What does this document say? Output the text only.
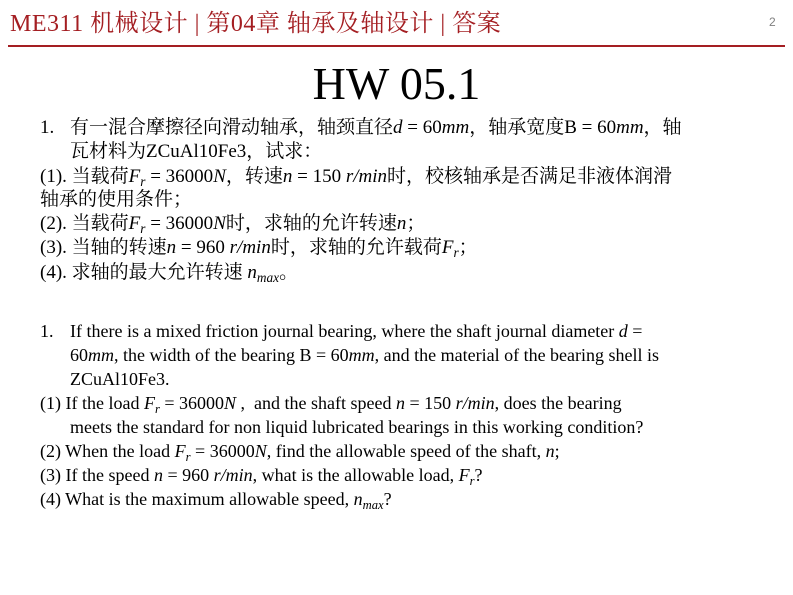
ME311 机械设计 | 第04章 轴承及轴设计 | 答案	2
HW 05.1
1. 有一混合摩擦径向滑动轴承，轴颈直径 d = 60 mm ，轴承宽度B = 60 mm ，轴
瓦材料为ZCuAl10Fe3，试求：
(1). 当载荷 F r = 36000 N ，转速 n = 150 r/min 时，校核轴承是否满足非液体润滑
轴承的使用条件；
(2). 当载荷 F r = 36000 N 时，求轴的允许转速 n ；
(3). 当轴的转速 n = 960 r/min 时，求轴的允许载荷 F r ；
(4). 求轴的最大允许转速 n max 。
1. If there is a mixed friction journal bearing, where the shaft journal diameter d =
60 mm , the width of the bearing B = 60 mm , and the material of the bearing shell is
ZCuAl10Fe3.
(1) If the load F r = 36000 N ,  and the shaft speed n = 150 r/min , does the bearing
meets the standard for non liquid lubricated bearings in this working condition?
(2) When the load F r = 36000 N , find the allowable speed of the shaft, n ;
(3) If the speed n = 960 r/min , what is the allowable load, F r ?
(4) What is the maximum allowable speed, n max ?
